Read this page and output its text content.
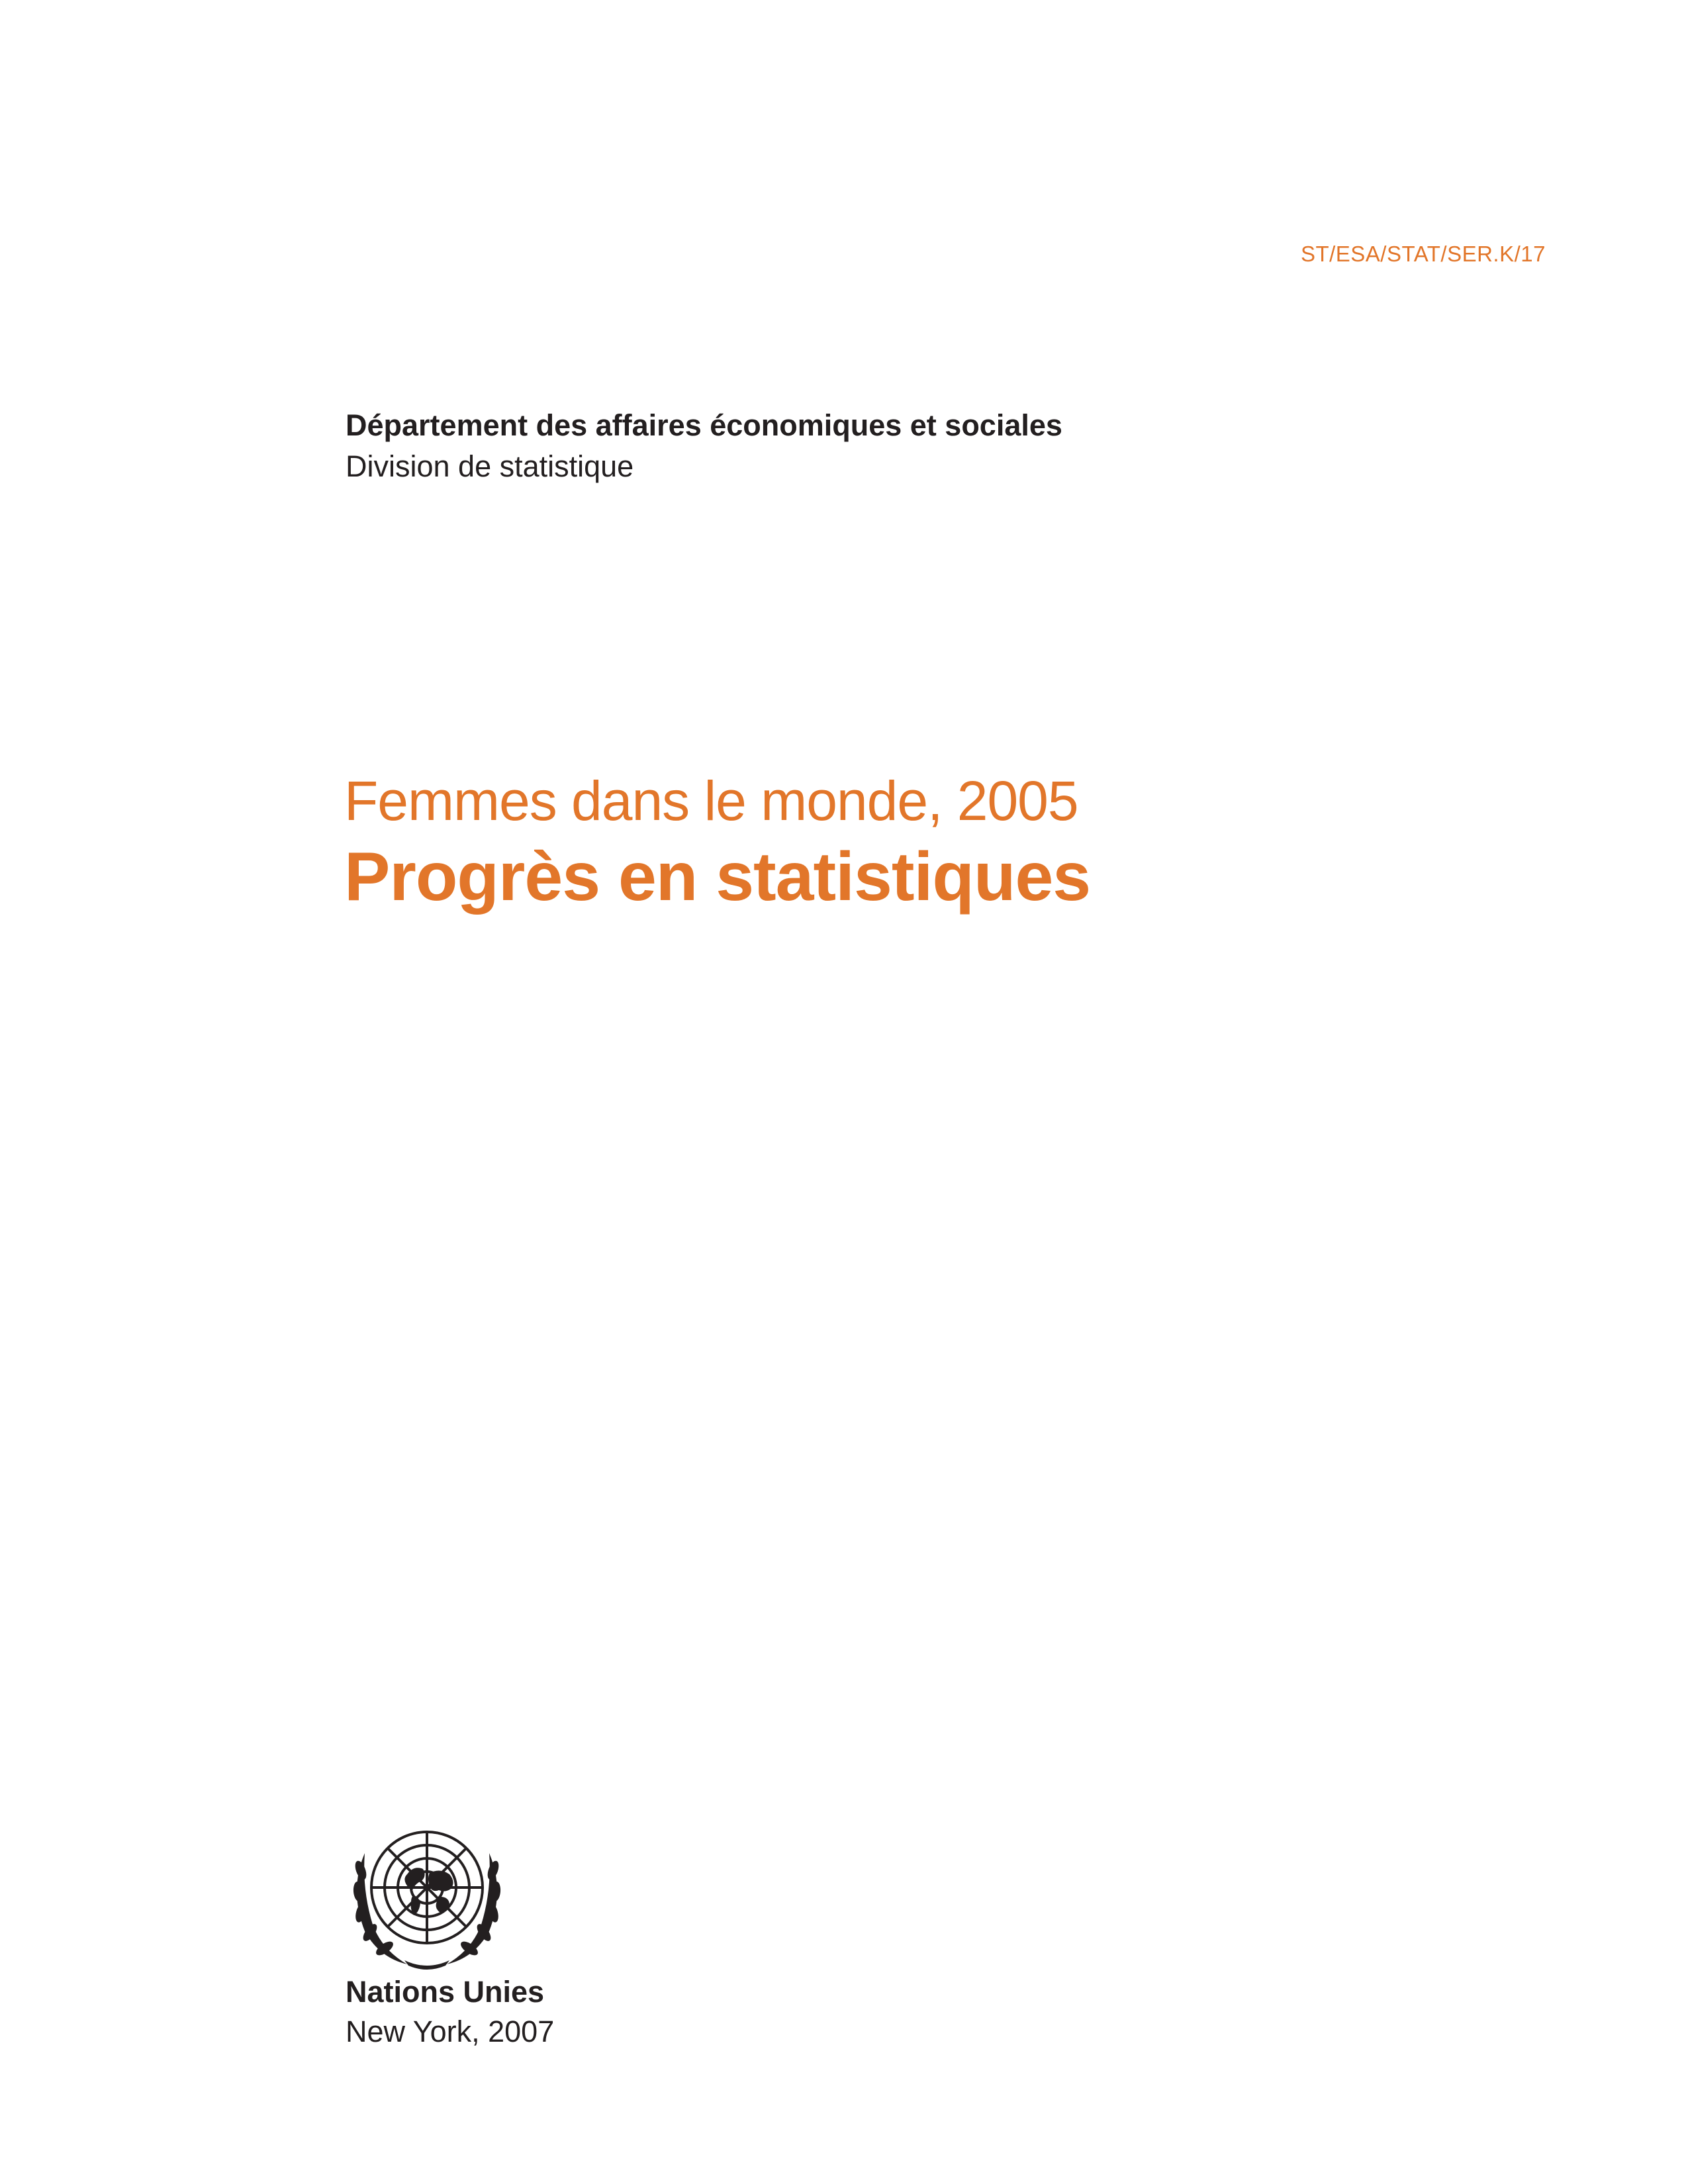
ST/ESA/STAT/SER.K/17
Département des affaires économiques et sociales
Division de statistique
Femmes dans le monde, 2005
Progrès en statistiques
Nations Unies
New York, 2007
